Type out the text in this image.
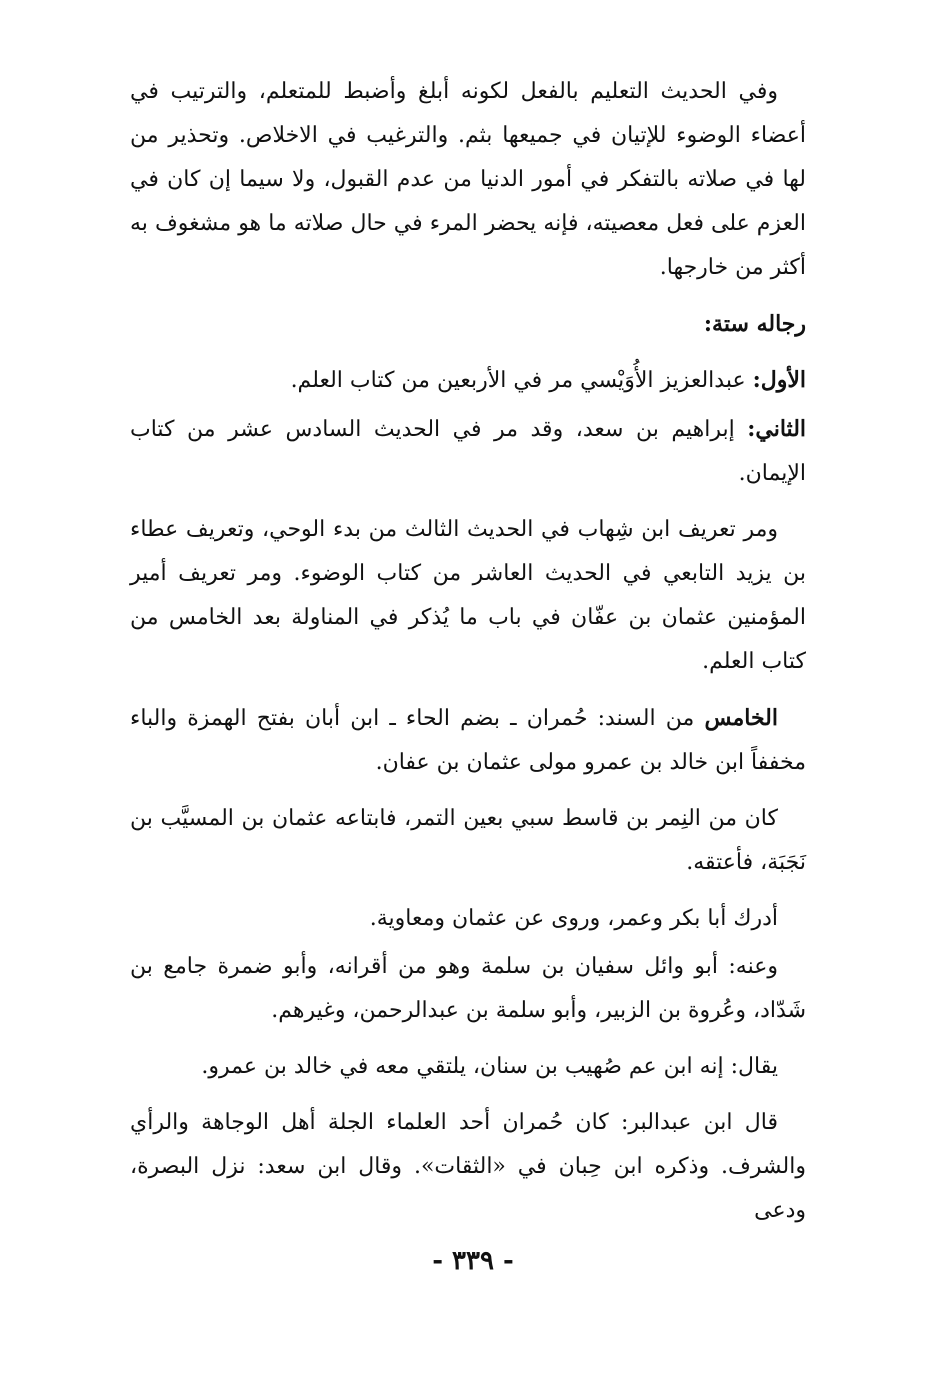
وفي الحديث التعليم بالفعل لكونه أبلغ وأضبط للمتعلم، والترتيب في أعضاء الوضوء للإتيان في جميعها بثم. والترغيب في الاخلاص. وتحذير من لها في صلاته بالتفكر في أمور الدنيا من عدم القبول، ولا سيما إن كان في العزم على فعل معصيته، فإنه يحضر المرء في حال صلاته ما هو مشغوف به أكثر من خارجها.

رجاله ستة:

الأول: عبدالعزيز الأُوَيْسي مر في الأربعين من كتاب العلم.

الثاني: إبراهيم بن سعد، وقد مر في الحديث السادس عشر من كتاب الإيمان.

ومر تعريف ابن شِهاب في الحديث الثالث من بدء الوحي، وتعريف عطاء بن يزيد التابعي في الحديث العاشر من كتاب الوضوء. ومر تعريف أمير المؤمنين عثمان بن عفّان في باب ما يُذكر في المناولة بعد الخامس من كتاب العلم.

الخامس من السند: حُمران ـ بضم الحاء ـ ابن أبان بفتح الهمزة والباء مخففاً ابن خالد بن عمرو مولى عثمان بن عفان.

كان من النِمر بن قاسط سبي بعين التمر، فابتاعه عثمان بن المسيَّب بن نَجَبَة، فأعتقه.

أدرك أبا بكر وعمر، وروى عن عثمان ومعاوية.

وعنه: أبو وائل سفيان بن سلمة وهو من أقرانه، وأبو ضمرة جامع بن شَدّاد، وعُروة بن الزبير، وأبو سلمة بن عبدالرحمن، وغيرهم.

يقال: إنه ابن عم صُهيب بن سنان، يلتقي معه في خالد بن عمرو.

قال ابن عبدالبر: كان حُمران أحد العلماء الجلة أهل الوجاهة والرأي والشرف. وذكره ابن حِبان في «الثقات». وقال ابن سعد: نزل البصرة، ودعى

- ٣٣٩ -
